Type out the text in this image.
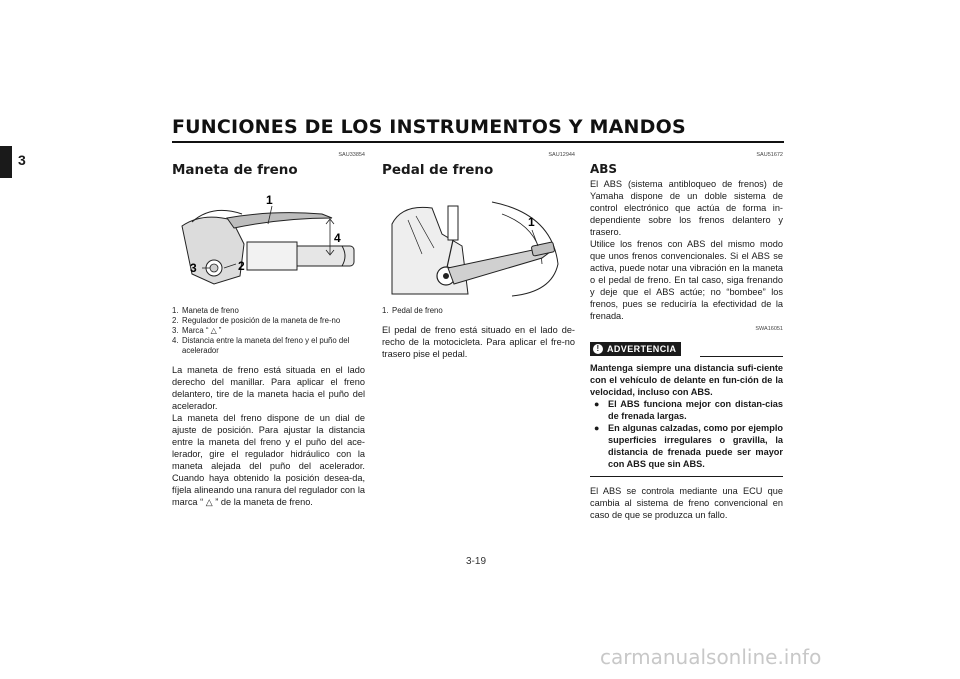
FUNCIONES DE LOS INSTRUMENTOS Y MANDOS
3	SAU33854
Maneta de freno
1
2
3
4
1. Maneta de freno
2. Regulador de posición de la maneta de fre-no
3. Marca “ △ ”
4. Distancia entre la maneta del freno y el puño del acelerador

La maneta de freno está situada en el lado derecho del manillar. Para aplicar el freno delantero, tire de la maneta hacia el puño del acelerador.

La maneta del freno dispone de un dial de ajuste de posición. Para ajustar la distancia entre la maneta del freno y el puño del ace-lerador, gire el regulador hidráulico con la maneta alejada del puño del acelerador. Cuando haya obtenido la posición desea-da, fíjela alineando una ranura del regulador con la marca “ △ ” de la maneta de freno.

SAU12944
Pedal de freno
1
1. Pedal de freno

El pedal de freno está situado en el lado de-recho de la motocicleta. Para aplicar el fre-no trasero pise el pedal.

SAU51672
ABS

El ABS (sistema antibloqueo de frenos) de Yamaha dispone de un doble sistema de control electrónico que actúa de forma in-dependiente sobre los frenos delantero y trasero.

Utilice los frenos con ABS del mismo modo que unos frenos convencionales. Si el ABS se activa, puede notar una vibración en la maneta o el pedal de freno. En tal caso, siga frenando y deje que el ABS actúe; no “bombee” los frenos, pues se reduciría la efectividad de la frenada.

SWA16051
! ADVERTENCIA
Mantenga siempre una distancia sufi-ciente con el vehículo de delante en fun-ción de la velocidad, incluso con ABS.
● El ABS funciona mejor con distan-cias de frenada largas.
● En algunas calzadas, como por ejemplo superficies irregulares o gravilla, la distancia de frenada puede ser mayor con ABS que sin ABS.
El ABS se controla mediante una ECU que cambia al sistema de freno convencional en caso de que se produzca un fallo.
3-19
carmanualsonline.info
